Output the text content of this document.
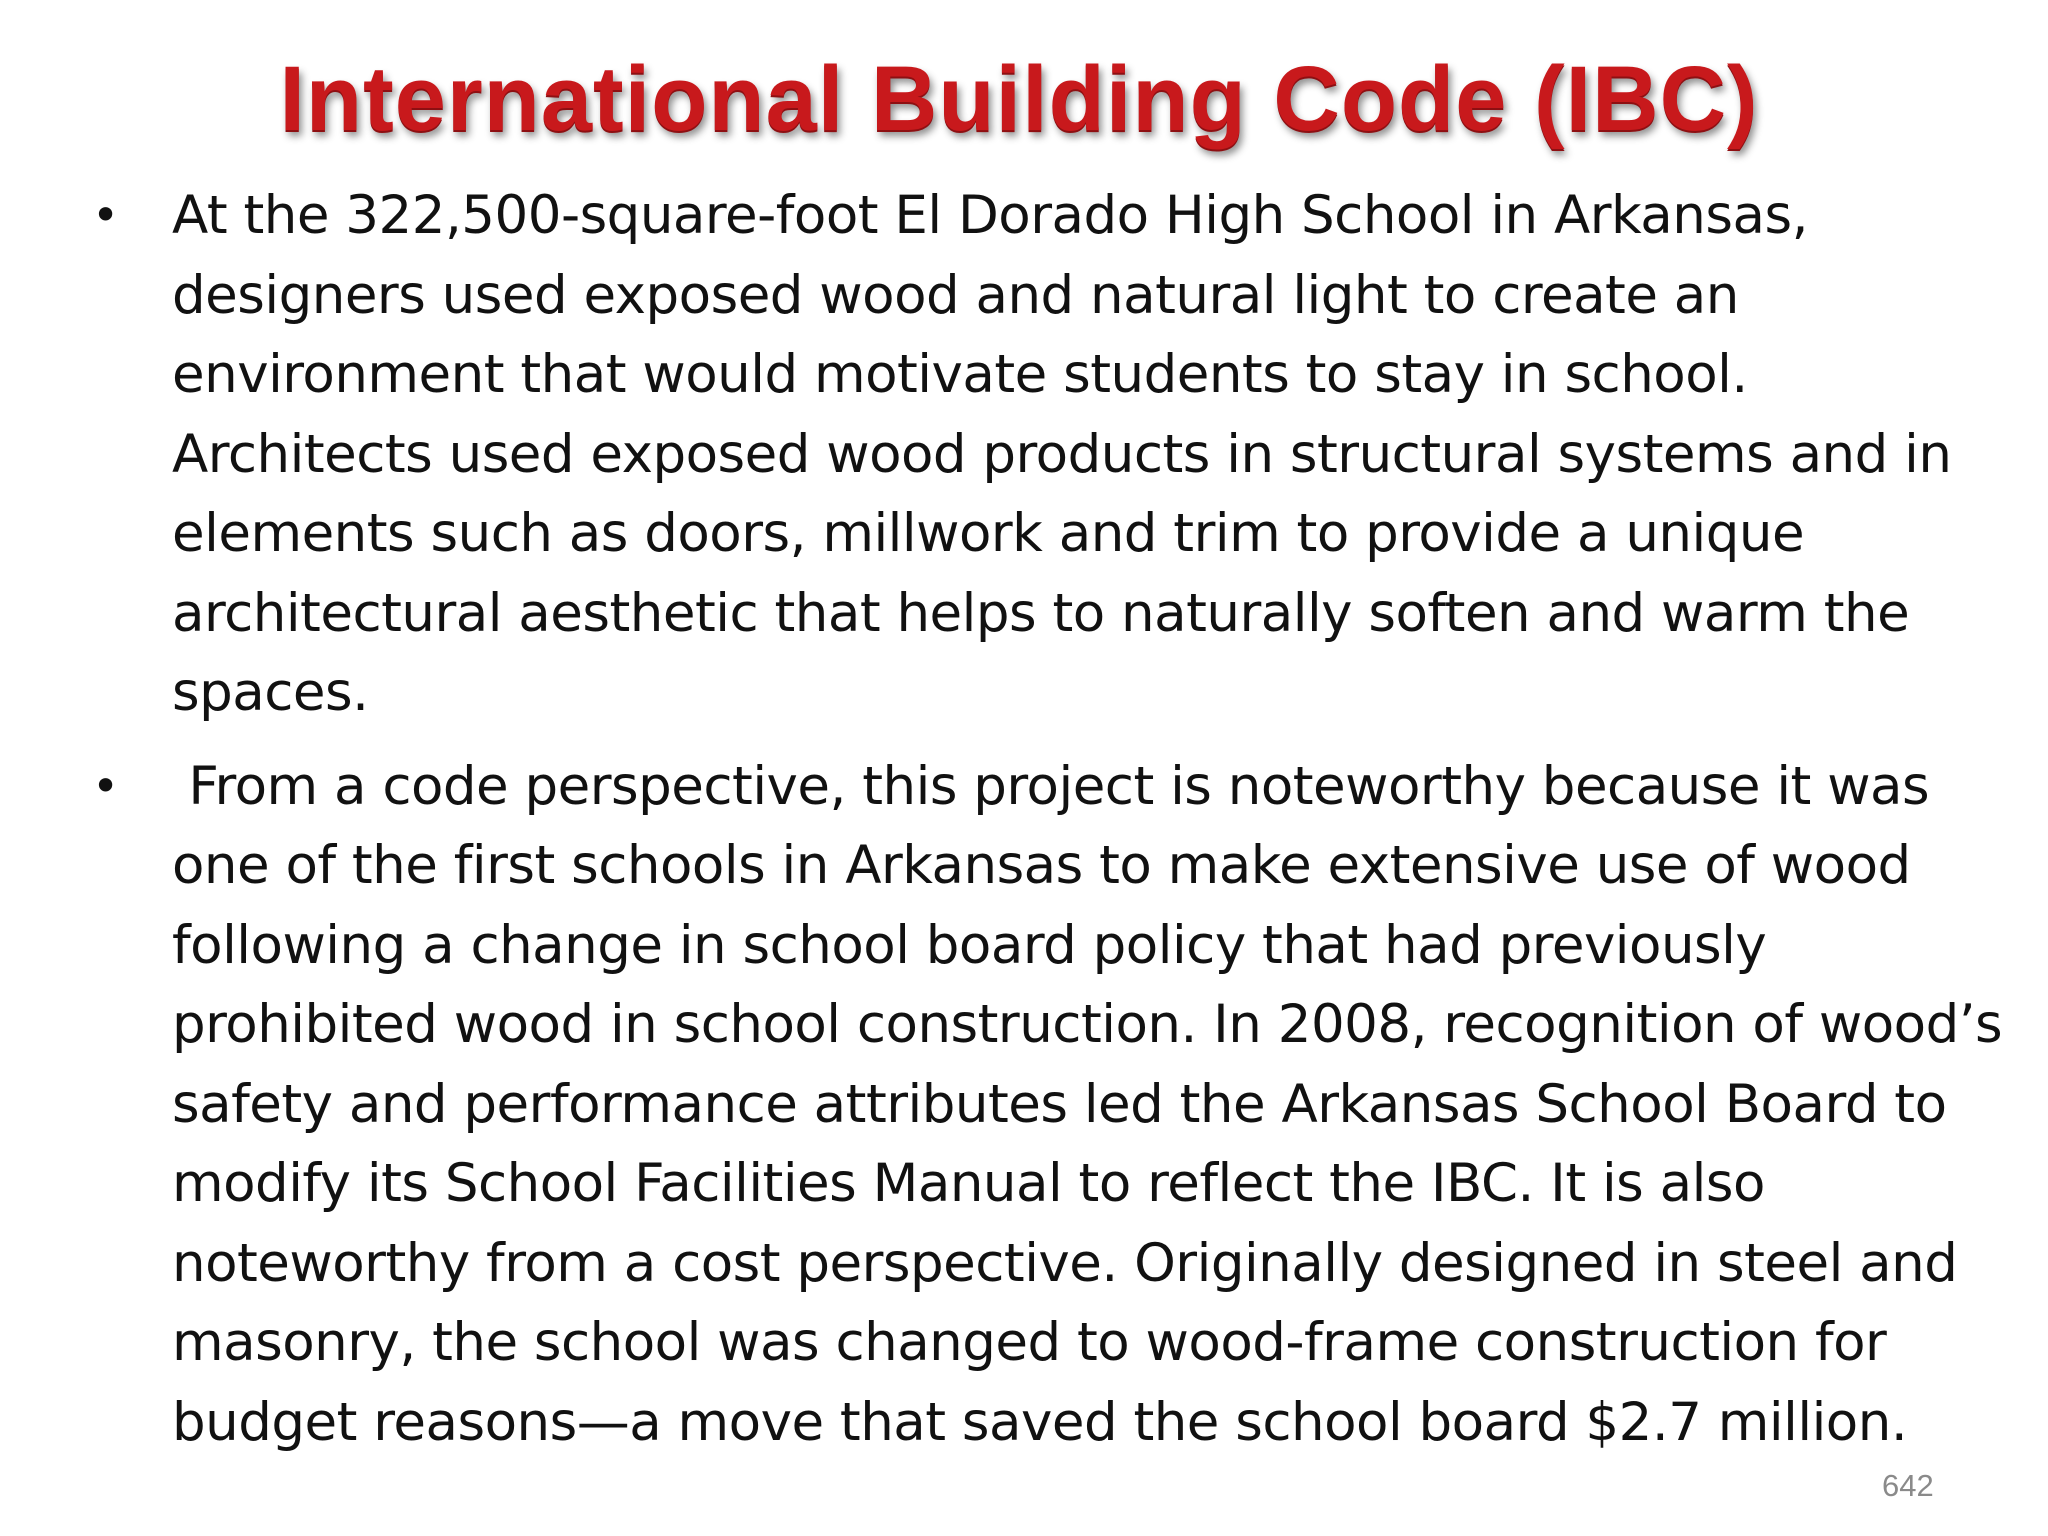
International Building Code (IBC)
• At the 322,500-square-foot El Dorado High School in Arkansas, designers used exposed wood and natural light to create an environment that would motivate students to stay in school. Architects used exposed wood products in structural systems and in elements such as doors, millwork and trim to provide a unique architectural aesthetic that helps to naturally soften and warm the spaces.
• From a code perspective, this project is noteworthy because it was one of the first schools in Arkansas to make extensive use of wood following a change in school board policy that had previously prohibited wood in school construction. In 2008, recognition of wood’s safety and performance attributes led the Arkansas School Board to modify its School Facilities Manual to reflect the IBC. It is also noteworthy from a cost perspective. Originally designed in steel and masonry, the school was changed to wood-frame construction for budget reasons—a move that saved the school board $2.7 million.
642
